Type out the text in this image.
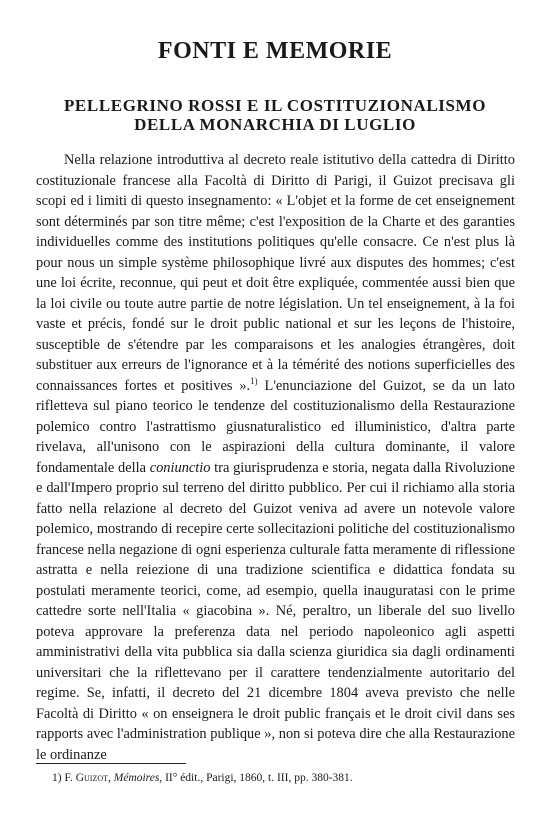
FONTI E MEMORIE
PELLEGRINO ROSSI E IL COSTITUZIONALISMO
DELLA MONARCHIA DI LUGLIO

Nella relazione introduttiva al decreto reale istitutivo della cattedra di Diritto costituzionale francese alla Facoltà di Diritto di Parigi, il Guizot precisava gli scopi ed i limiti di questo insegnamento: « L'objet et la forme de cet enseignement sont déterminés par son titre même; c'est l'exposition de la Charte et des garanties individuelles comme des institutions politiques qu'elle consacre. Ce n'est plus là pour nous un simple système philosophique livré aux disputes des hommes; c'est une loi écrite, reconnue, qui peut et doit être expliquée, commentée aussi bien que la loi civile ou toute autre partie de notre législation. Un tel enseignement, à la foi vaste et précis, fondé sur le droit public national et sur les leçons de l'histoire, susceptible de s'étendre par les comparaisons et les analogies étrangères, doit substituer aux erreurs de l'ignorance et à la témérité des notions superficielles des connaissances fortes et positives ».$^{1)}$ L'enunciazione del Guizot, se da un lato rifletteva sul piano teorico le tendenze del costituzionalismo della Restaurazione polemico contro l'astrattismo giusnaturalistico ed illuministico, d'altra parte rivelava, all'unisono con le aspirazioni della cultura dominante, il valore fondamentale della coniunctio tra giurisprudenza e storia, negata dalla Rivoluzione e dall'Impero proprio sul terreno del diritto pubblico. Per cui il richiamo alla storia fatto nella relazione al decreto del Guizot veniva ad avere un notevole valore polemico, mostrando di recepire certe sollecitazioni politiche del costituzionalismo francese nella negazione di ogni esperienza culturale fatta meramente di riflessione astratta e nella reiezione di una tradizione scientifica e didattica fondata su postulati meramente teorici, come, ad esempio, quella inauguratasi con le prime cattedre sorte nell'Italia « giacobina ». Né, peraltro, un liberale del suo livello poteva approvare la preferenza data nel periodo napoleonico agli aspetti amministrativi della vita pubblica sia dalla scienza giuridica sia dagli ordinamenti universitari che la riflettevano per il carattere tendenzialmente autoritario del regime. Se, infatti, il decreto del 21 dicembre 1804 aveva previsto che nelle Facoltà di Diritto « on enseignera le droit public français et le droit civil dans ses rapports avec l'administration publique », non si poteva dire che alla Restaurazione le ordinanze

1) F. Guizot, Mémoires, II° édit., Parigi, 1860, t. III, pp. 380-381.
